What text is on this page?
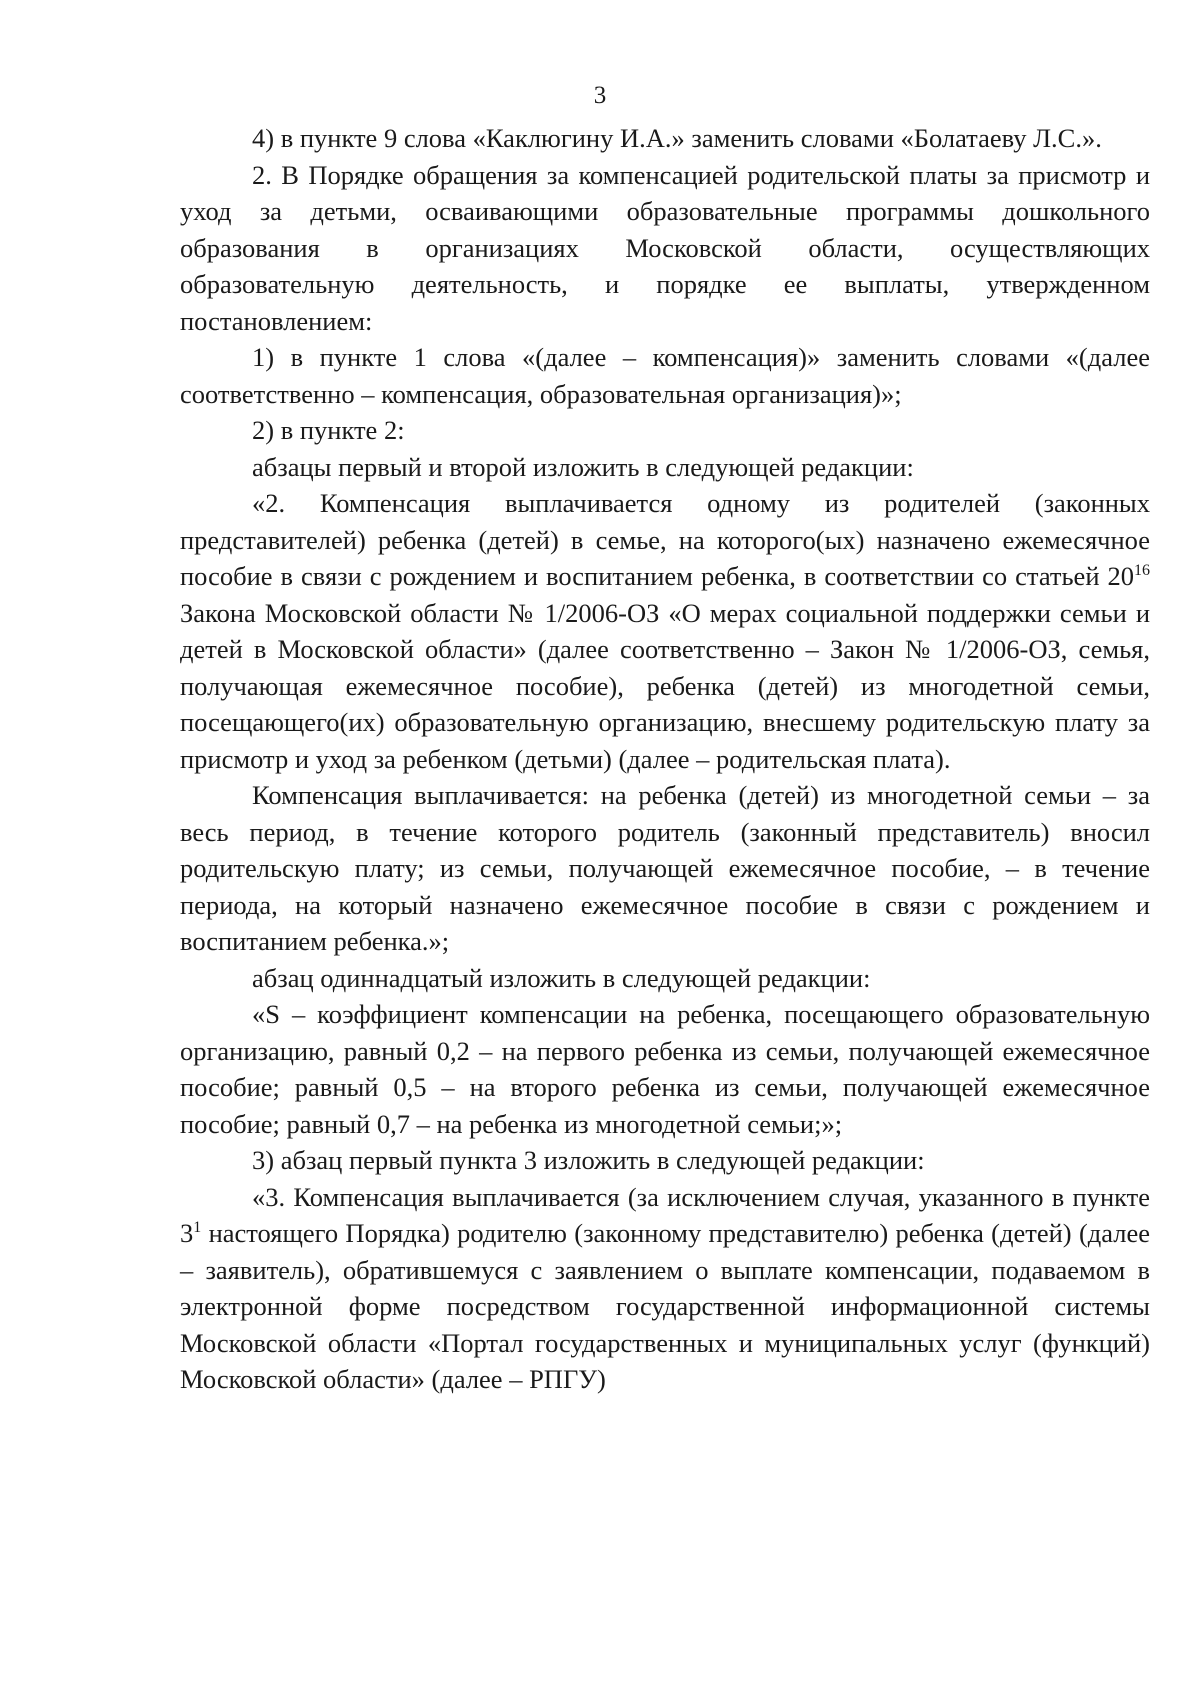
3

4) в пункте 9 слова «Каклюгину И.А.» заменить словами «Болатаеву Л.С.».

2. В Порядке обращения за компенсацией родительской платы за присмотр и уход за детьми, осваивающими образовательные программы дошкольного образования в организациях Московской области, осуществляющих образовательную деятельность, и порядке ее выплаты, утвержденном постановлением:

1) в пункте 1 слова «(далее – компенсация)» заменить словами «(далее соответственно – компенсация, образовательная организация)»;

2) в пункте 2:

абзацы первый и второй изложить в следующей редакции:

«2. Компенсация выплачивается одному из родителей (законных представителей) ребенка (детей) в семье, на которого(ых) назначено ежемесячное пособие в связи с рождением и воспитанием ребенка, в соответствии со статьей $20^{16}$ Закона Московской области № 1/2006-ОЗ «О мерах социальной поддержки семьи и детей в Московской области» (далее соответственно – Закон № 1/2006-ОЗ, семья, получающая ежемесячное пособие), ребенка (детей) из многодетной семьи, посещающего(их) образовательную организацию, внесшему родительскую плату за присмотр и уход за ребенком (детьми) (далее – родительская плата).

Компенсация выплачивается: на ребенка (детей) из многодетной семьи – за весь период, в течение которого родитель (законный представитель) вносил родительскую плату; из семьи, получающей ежемесячное пособие, – в течение периода, на который назначено ежемесячное пособие в связи с рождением и воспитанием ребенка.»;

абзац одиннадцатый изложить в следующей редакции:

«S – коэффициент компенсации на ребенка, посещающего образовательную организацию, равный 0,2 – на первого ребенка из семьи, получающей ежемесячное пособие; равный 0,5 – на второго ребенка из семьи, получающей ежемесячное пособие; равный 0,7 – на ребенка из многодетной семьи;»;

3) абзац первый пункта 3 изложить в следующей редакции:

«3. Компенсация выплачивается (за исключением случая, указанного в пункте $3^1$ настоящего Порядка) родителю (законному представителю) ребенка (детей) (далее – заявитель), обратившемуся с заявлением о выплате компенсации, подаваемом в электронной форме посредством государственной информационной системы Московской области «Портал государственных и муниципальных услуг (функций) Московской области» (далее – РПГУ)
